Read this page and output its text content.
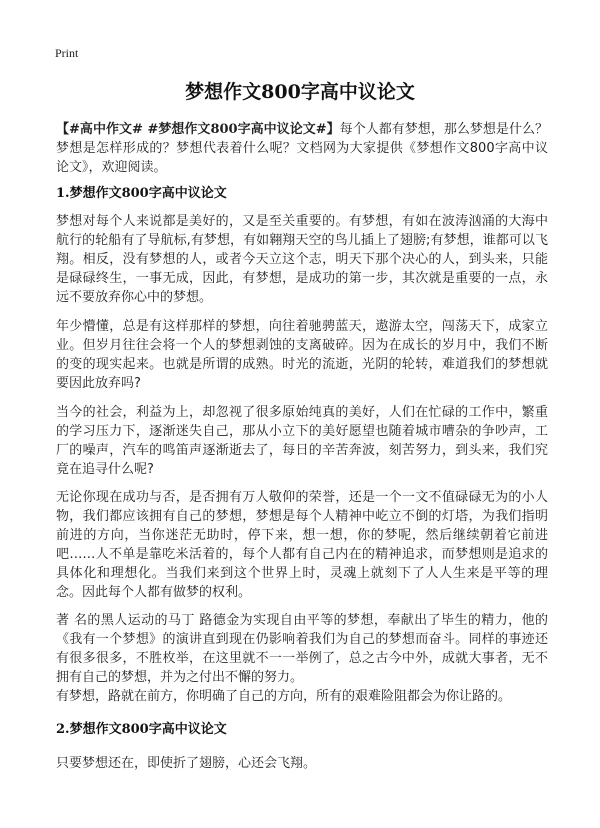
Print
梦想作文800字高中议论文

【#高中作文# #梦想作文800字高中议论文#】每个人都有梦想，那么梦想是什么？梦想是怎样形成的？梦想代表着什么呢？文档网为大家提供《梦想作文800字高中议论文》，欢迎阅读。

1.梦想作文800字高中议论文

梦想对每个人来说都是美好的，又是至关重要的。有梦想，有如在波涛汹涌的大海中航行的轮船有了导航标,有梦想，有如翱翔天空的鸟儿插上了翅膀;有梦想，谁都可以飞翔。相反，没有梦想的人，或者今天立这个志，明天下那个决心的人，到头来，只能是碌碌终生，一事无成，因此，有梦想，是成功的第一步，其次就是重要的一点，永远不要放弃你心中的梦想。

年少懵懂，总是有这样那样的梦想，向往着驰骋蓝天，遨游太空，闯荡天下，成家立业。但岁月往往会将一个人的梦想剥蚀的支离破碎。因为在成长的岁月中，我们不断的变的现实起来。也就是所谓的成熟。时光的流逝，光阴的轮转，难道我们的梦想就要因此放弃吗?

当今的社会，利益为上，却忽视了很多原始纯真的美好，人们在忙碌的工作中，繁重的学习压力下，逐渐迷失自己，那从小立下的美好愿望也随着城市嘈杂的争吵声，工厂的噪声，汽车的鸣笛声逐渐逝去了，每日的辛苦奔波，刻苦努力，到头来，我们究竟在追寻什么呢?

无论你现在成功与否，是否拥有万人敬仰的荣誉，还是一个一文不值碌碌无为的小人物，我们都应该拥有自己的梦想，梦想是每个人精神中屹立不倒的灯塔，为我们指明前进的方向，当你迷茫无助时，停下来，想一想，你的梦呢，然后继续朝着它前进吧……人不单是靠吃米活着的，每个人都有自己内在的精神追求，而梦想则是追求的具体化和理想化。当我们来到这个世界上时，灵魂上就刻下了人人生来是平等的理念。因此每个人都有做梦的权利。

著 名的黑人运动的马丁 路德金为实现自由平等的梦想，奉献出了毕生的精力，他的《我有一个梦想》的演讲直到现在仍影响着我们为自己的梦想而奋斗。同样的事迹还有很多很多，不胜枚举，在这里就不一一举例了，总之古今中外，成就大事者，无不拥有自己的梦想，并为之付出不懈的努力。

有梦想，路就在前方，你明确了自己的方向，所有的艰难险阻都会为你让路的。

2.梦想作文800字高中议论文

只要梦想还在，即使折了翅膀，心还会飞翔。
